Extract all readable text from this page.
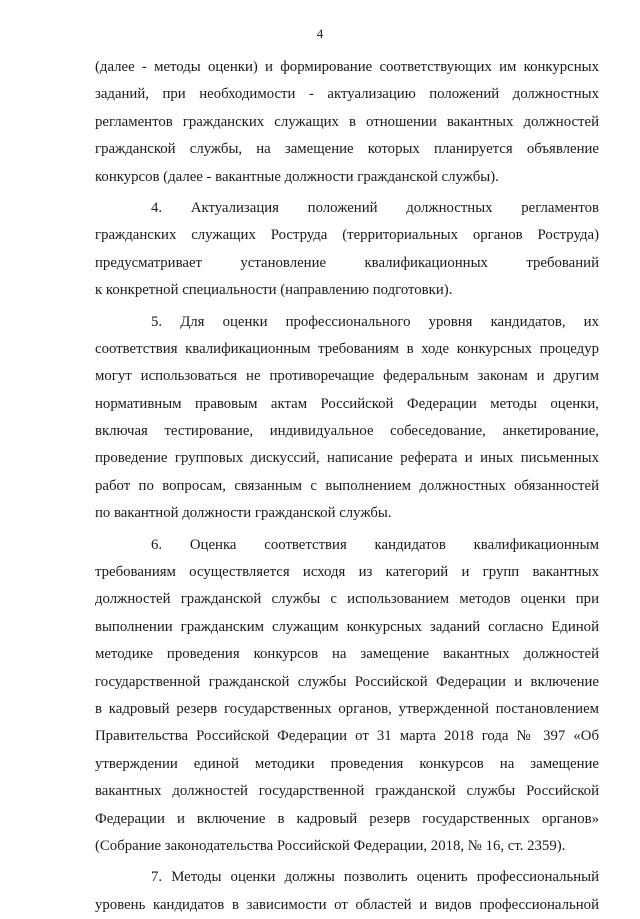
4
(далее - методы оценки) и формирование соответствующих им конкурсных
заданий, при необходимости - актуализацию положений должностных
регламентов гражданских служащих в отношении вакантных должностей
гражданской службы, на замещение которых планируется объявление
конкурсов (далее - вакантные должности гражданской службы).
4. Актуализация положений должностных регламентов
гражданских служащих Роструда (территориальных органов Роструда)
предусматривает установление квалификационных требований
к конкретной специальности (направлению подготовки).
5. Для оценки профессионального уровня кандидатов, их
соответствия квалификационным требованиям в ходе конкурсных процедур
могут использоваться не противоречащие федеральным законам и другим
нормативным правовым актам Российской Федерации методы оценки,
включая тестирование, индивидуальное собеседование, анкетирование,
проведение групповых дискуссий, написание реферата и иных письменных
работ по вопросам, связанным с выполнением должностных обязанностей
по вакантной должности гражданской службы.
6. Оценка соответствия кандидатов квалификационным
требованиям осуществляется исходя из категорий и групп вакантных
должностей гражданской службы с использованием методов оценки при
выполнении гражданским служащим конкурсных заданий согласно Единой
методике проведения конкурсов на замещение вакантных должностей
государственной гражданской службы Российской Федерации и включение
в кадровый резерв государственных органов, утвержденной постановлением
Правительства Российской Федерации от 31 марта 2018 года № 397 «Об
утверждении единой методики проведения конкурсов на замещение
вакантных должностей государственной гражданской службы Российской
Федерации и включение в кадровый резерв государственных органов»
(Собрание законодательства Российской Федерации, 2018, № 16, ст. 2359).
7. Методы оценки должны позволить оценить профессиональный
уровень кандидатов в зависимости от областей и видов профессиональной
